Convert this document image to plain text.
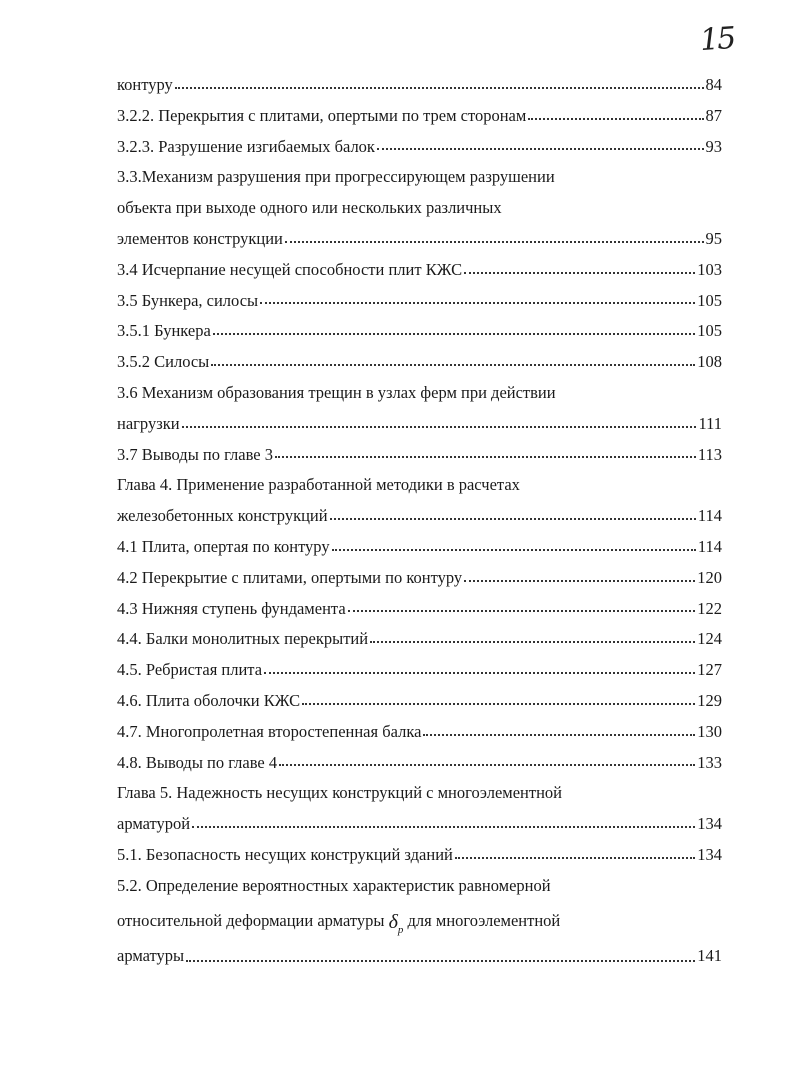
15
контуру	84
3.2.2. Перекрытия с плитами, опертыми по трем сторонам	87
3.2.3. Разрушение изгибаемых балок	93
3.3.Механизм разрушения при прогрессирующем разрушении
объекта при выходе одного или нескольких различных
элементов конструкции	95
3.4 Исчерпание несущей способности плит КЖС	103
3.5 Бункера, силосы	105
3.5.1 Бункера	105
3.5.2 Силосы	108
3.6 Механизм образования трещин в узлах ферм при действии
нагрузки	111
3.7 Выводы по главе 3	113
Глава 4. Применение разработанной методики в расчетах
железобетонных конструкций	114
4.1 Плита, опертая по контуру	114
4.2 Перекрытие с плитами, опертыми по контуру	120
4.3 Нижняя ступень фундамента	122
4.4. Балки монолитных перекрытий	124
4.5. Ребристая плита	127
4.6. Плита оболочки КЖС	129
4.7. Многопролетная второстепенная балка	130
4.8. Выводы по главе 4	133
Глава 5. Надежность несущих конструкций с многоэлементной
арматурой	134
5.1. Безопасность несущих конструкций зданий	134
5.2. Определение вероятностных характеристик равномерной
относительной деформации арматуры $\delta_p$ для многоэлементной
арматуры	141
